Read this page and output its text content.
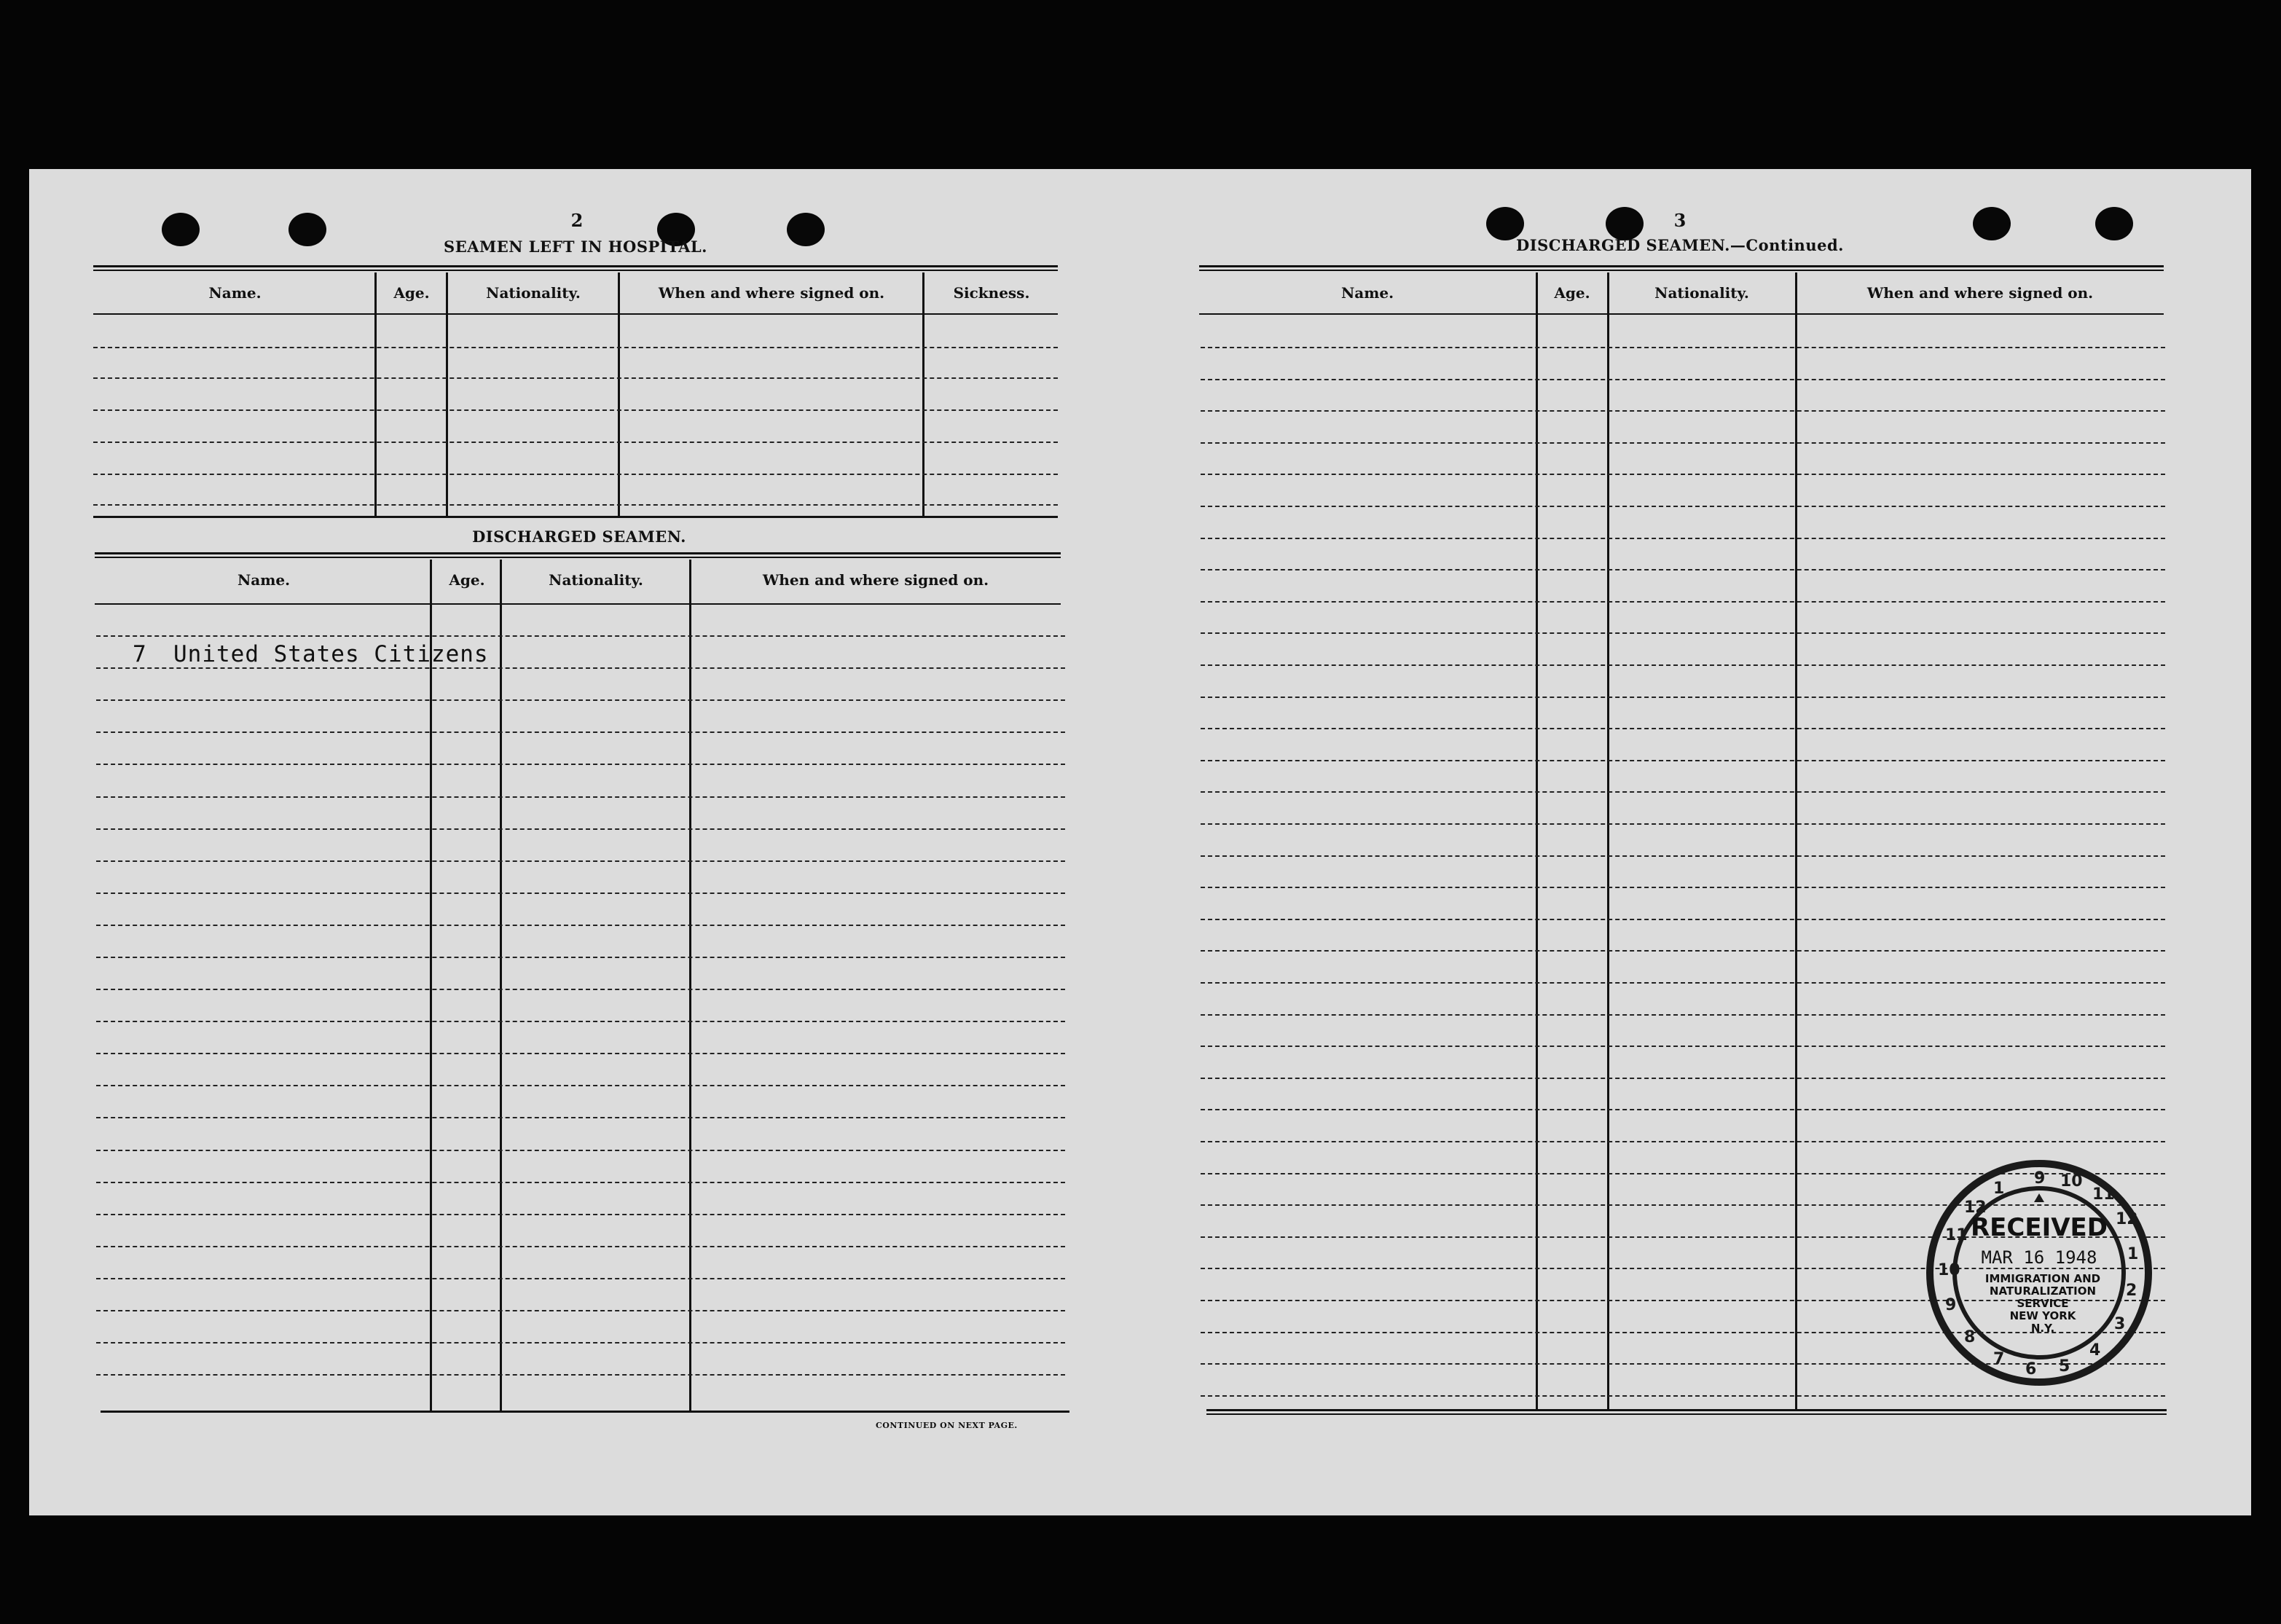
2
SEAMEN LEFT IN HOSPITAL.
Name.	Age.	Nationality.	When and where signed on.	Sickness.
DISCHARGED SEAMEN.
Name.	Age.	Nationality.	When and where signed on.
7 United States Citizens
CONTINUED ON NEXT PAGE.
3
DISCHARGED SEAMEN.—Continued.
Name.	Age.	Nationality.	When and where signed on.
9 10
11
12
1
2
3
4
5
6
7
8
9
10
11
12
1
RECEIVED
MAR 16 1948
IMMIGRATION AND
NATURALIZATION
SERVICE
NEW YORK
N.Y.
